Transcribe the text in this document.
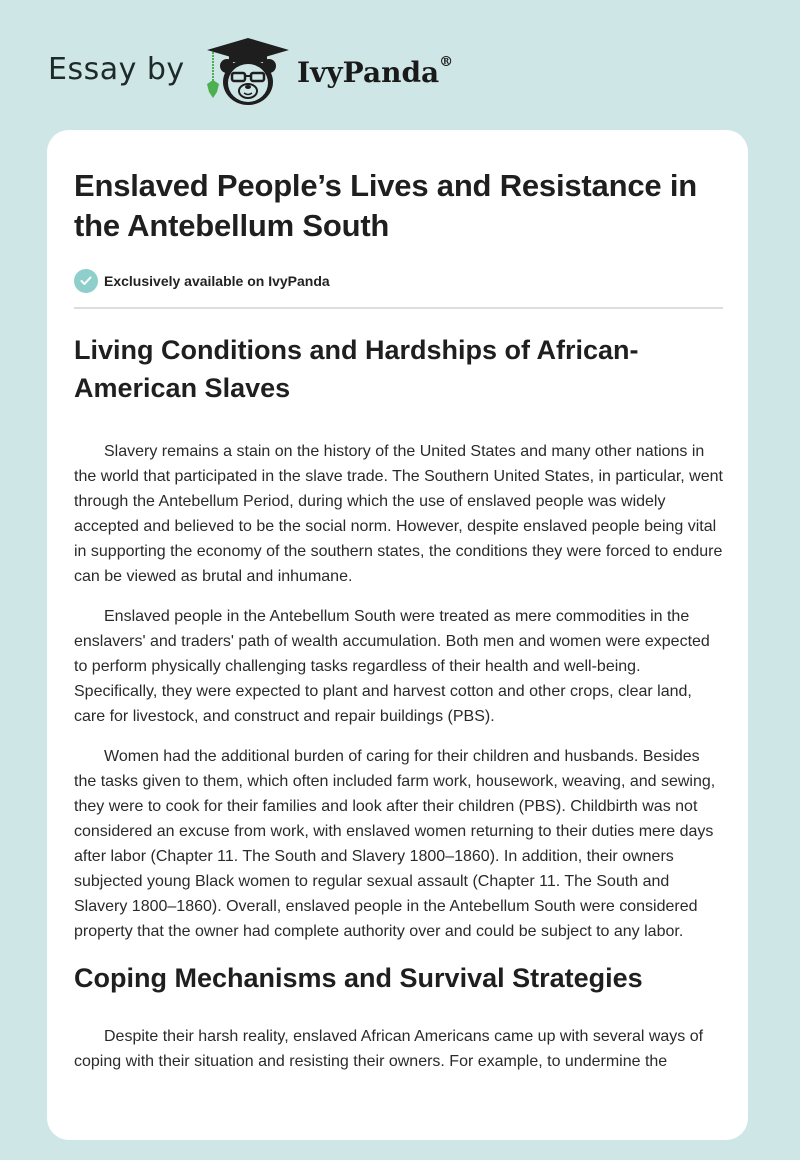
Essay by	IvyPanda®
Enslaved People’s Lives and Resistance in the Antebellum South
Exclusively available on IvyPanda
Living Conditions and Hardships of African-American Slaves

Slavery remains a stain on the history of the United States and many other nations in the world that participated in the slave trade. The Southern United States, in particular, went through the Antebellum Period, during which the use of enslaved people was widely accepted and believed to be the social norm. However, despite enslaved people being vital in supporting the economy of the southern states, the conditions they were forced to endure can be viewed as brutal and inhumane.

Enslaved people in the Antebellum South were treated as mere commodities in the enslavers' and traders' path of wealth accumulation. Both men and women were expected to perform physically challenging tasks regardless of their health and well-being. Specifically, they were expected to plant and harvest cotton and other crops, clear land, care for livestock, and construct and repair buildings (PBS).

Women had the additional burden of caring for their children and husbands. Besides the tasks given to them, which often included farm work, housework, weaving, and sewing, they were to cook for their families and look after their children (PBS). Childbirth was not considered an excuse from work, with enslaved women returning to their duties mere days after labor (Chapter 11. The South and Slavery 1800–1860). In addition, their owners subjected young Black women to regular sexual assault (Chapter 11. The South and Slavery 1800–1860). Overall, enslaved people in the Antebellum South were considered property that the owner had complete authority over and could be subject to any labor.

Coping Mechanisms and Survival Strategies

Despite their harsh reality, enslaved African Americans came up with several ways of coping with their situation and resisting their owners. For example, to undermine the
